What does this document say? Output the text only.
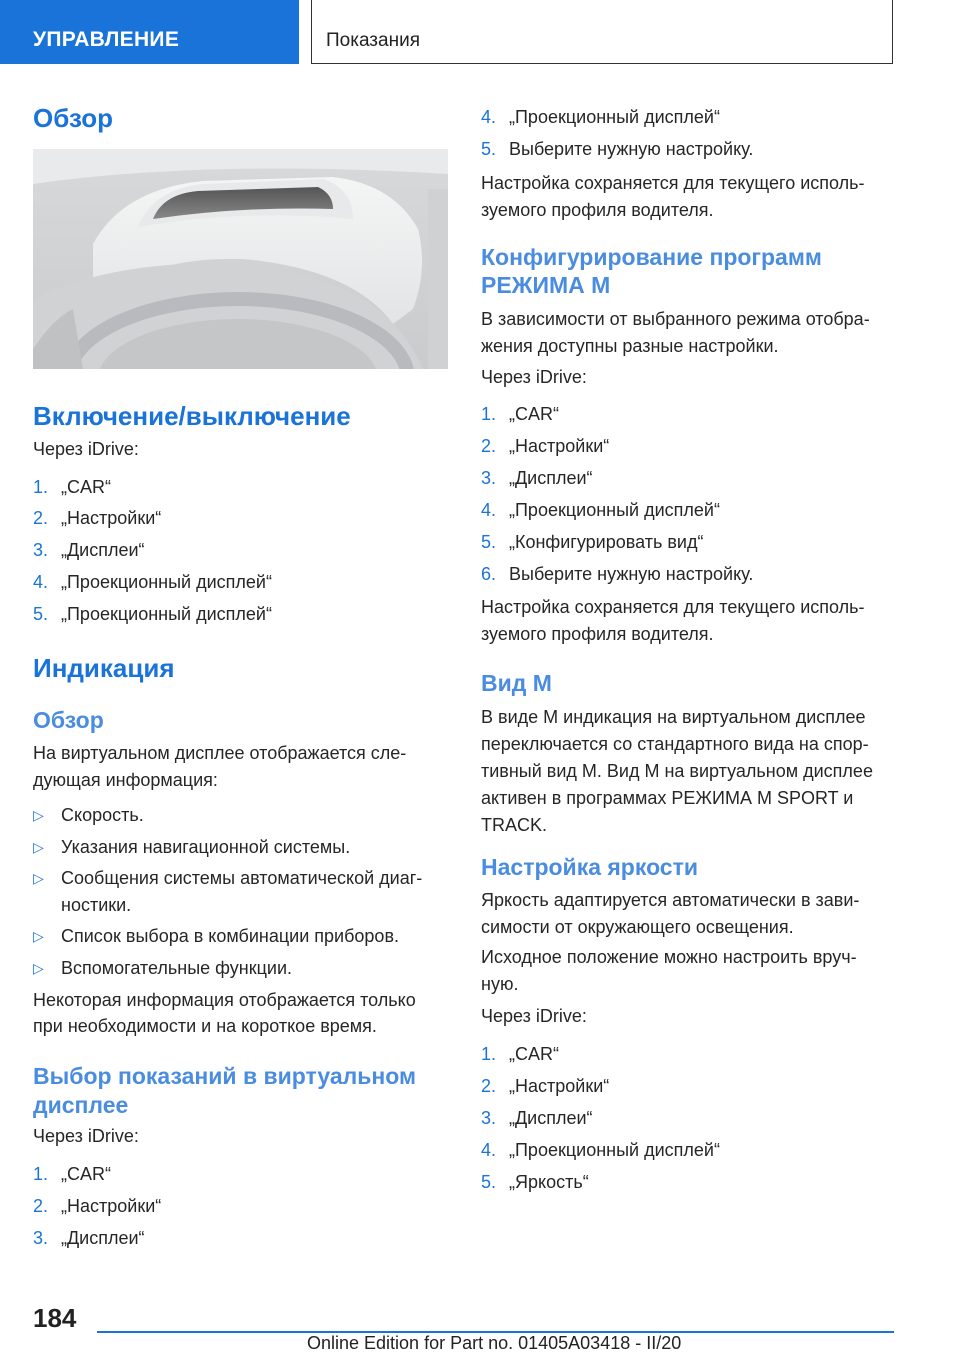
УПРАВЛЕНИЕ	Показания
Обзор
Включение/выключение

Через iDrive:

1. „CAR“
2. „Настройки“
3. „Дисплеи“
4. „Проекционный дисплей“
5. „Проекционный дисплей“
Индикация
Обзор

На виртуальном дисплее отображается сле-

дующая информация:

▷ Скорость.
▷ Указания навигационной системы.
▷ Сообщения системы автоматической диаг-
ностики.
▷ Список выбора в комбинации приборов.
▷ Вспомогательные функции.

Некоторая информация отображается только

при необходимости и на короткое время.

Выбор показаний в виртуальном
дисплее

Через iDrive:

1. „CAR“
2. „Настройки“
3. „Дисплеи“
4. „Проекционный дисплей“
5. Выберите нужную настройку.

Настройка сохраняется для текущего исполь-

зуемого профиля водителя.

Конфигурирование программ
РЕЖИМА М

В зависимости от выбранного режима отобра-

жения доступны разные настройки.

Через iDrive:

1. „CAR“
2. „Настройки“
3. „Дисплеи“
4. „Проекционный дисплей“
5. „Конфигурировать вид“
6. Выберите нужную настройку.

Настройка сохраняется для текущего исполь-

зуемого профиля водителя.

Вид М

В виде М индикация на виртуальном дисплее

переключается со стандартного вида на спор-

тивный вид М. Вид М на виртуальном дисплее

активен в программах РЕЖИМА M SPORT и

TRACK.

Настройка яркости

Яркость адаптируется автоматически в зави-

симости от окружающего освещения.

Исходное положение можно настроить вруч-

ную.

Через iDrive:

1. „CAR“
2. „Настройки“
3. „Дисплеи“
4. „Проекционный дисплей“
5. „Яркость“
184
Online Edition for Part no. 01405A03418 - II/20
